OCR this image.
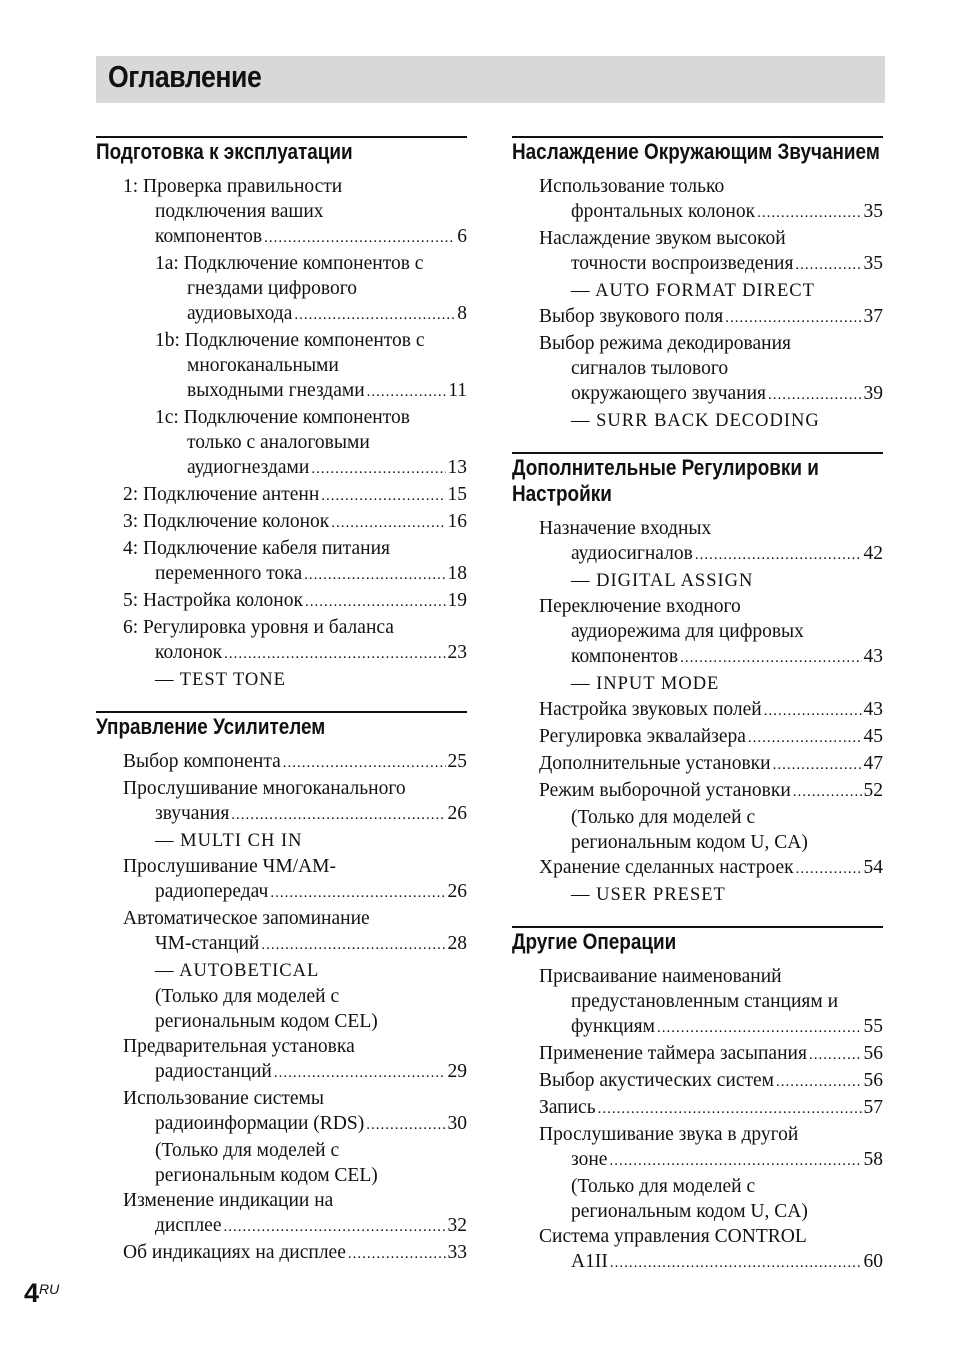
Оглавление
Подготовка к эксплуатации
1: Проверка правильности
подключения ваших
компонентов .....	6
1a: Подключение компонентов с
гнездами цифрового
аудиовыхода .....	8
1b: Подключение компонентов с
многоканальными
выходными гнездами .....	11
1c: Подключение компонентов
только с аналоговыми
аудиогнездами .....	13
2: Подключение антенн .....	15
3: Подключение колонок .....	16
4: Подключение кабеля питания
переменного тока .....	18
5: Настройка колонок .....	19
6: Регулировка уровня и баланса
колонок .....	23
— TEST TONE
Управление Усилителем
Выбор компонента .....	25
Прослушивание многоканального
звучания .....	26
— MULTI CH IN
Прослушивание ЧМ/АМ-
радиопередач .....	26
Автоматическое запоминание
ЧМ-станций .....	28
— AUTOBETICAL
(Только для моделей с
региональным кодом CEL)
Предварительная установка
радиостанций .....	29
Использование системы
радиоинформации (RDS) .....	30
(Только для моделей с
региональным кодом CEL)
Изменение индикации на
дисплее .....	32
Об индикациях на дисплее .....	33
Наслаждение Окружающим Звучанием
Использование только
фронтальных колонок .....	35
Наслаждение звуком высокой
точности воспроизведения .....	35
— AUTO FORMAT DIRECT
Выбор звукового поля .....	37
Выбор режима декодирования
сигналов тылового
окружающего звучания .....	39
— SURR BACK DECODING
Дополнительные Регулировки и Настройки
Назначение входных
аудиосигналов .....	42
— DIGITAL ASSIGN
Переключение входного
аудиорежима для цифровых
компонентов .....	43
— INPUT MODE
Настройка звуковых полей .....	43
Регулировка эквалайзера .....	45
Дополнительные установки .....	47
Режим выборочной установки .....	52
(Только для моделей с
региональным кодом U, CA)
Хранение сделанных настроек .....	54
— USER PRESET
Другие Операции
Присваивание наименований
предустановленным станциям и
функциям .....	55
Применение таймера засыпания .....	56
Выбор акустических систем .....	56
Запись .....	57
Прослушивание звука в другой
зоне .....	58
(Только для моделей с
региональным кодом U, CA)
Система управления CONTROL
A1II .....	60
$4^{RU}$
